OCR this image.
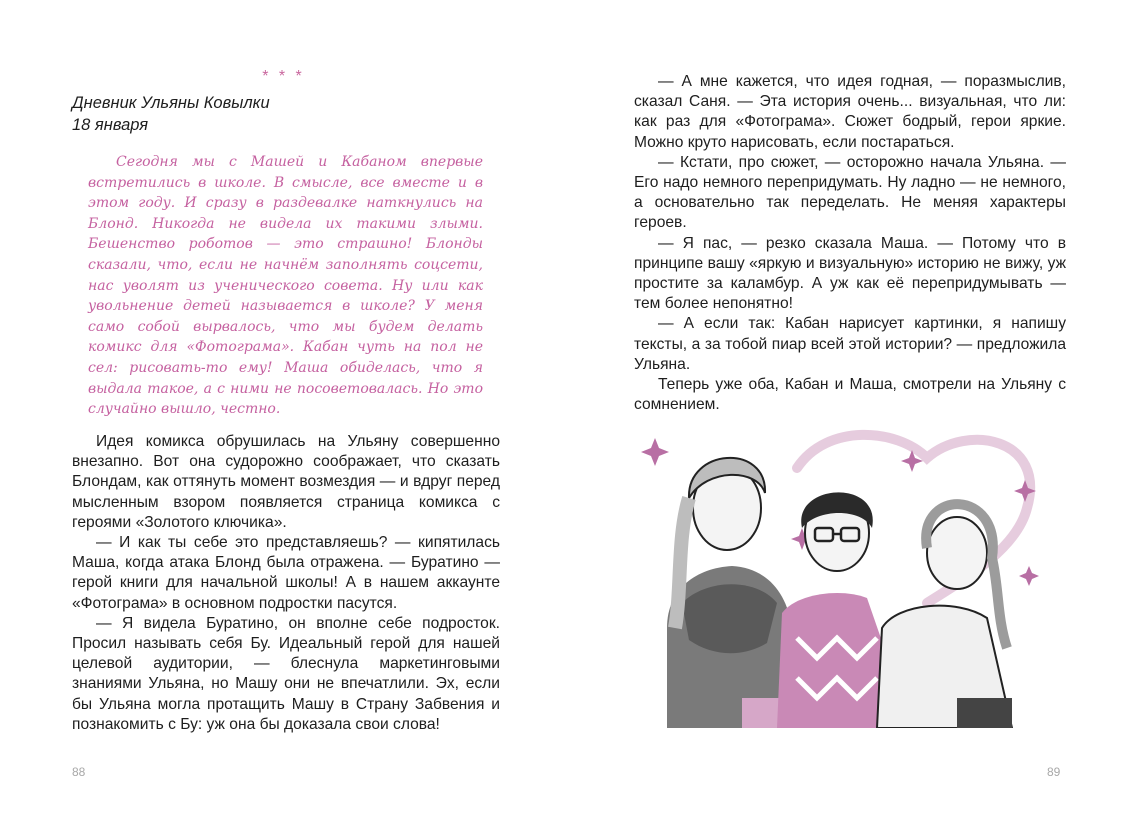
* * *
Дневник Ульяны Ковылки
18 января

Сегодня мы с Машей и Кабаном впервые встретились в школе. В смысле, все вместе и в этом году. И сразу в раздевалке наткнулись на Блонд. Никогда не видела их такими злыми. Бешенство роботов — это страшно! Блонды сказали, что, если не начнём заполнять соцсети, нас уволят из ученического совета. Ну или как увольнение детей называется в школе? У меня само собой вырвалось, что мы будем делать комикс для «Фотограма». Кабан чуть на пол не сел: рисовать-то ему! Маша обиделась, что я выдала такое, а с ними не посоветовалась. Но это случайно вышло, честно.

Идея комикса обрушилась на Ульяну совершенно внезапно. Вот она судорожно соображает, что сказать Блондам, как оттянуть момент возмездия — и вдруг перед мысленным взором появляется страница комикса с героями «Золотого ключика».

— И как ты себе это представляешь? — кипятилась Маша, когда атака Блонд была отражена. — Буратино — герой книги для начальной школы! А в нашем аккаунте «Фотограма» в основном подростки пасутся.

— Я видела Буратино, он вполне себе подросток. Просил называть себя Бу. Идеальный герой для нашей целевой аудитории, — блеснула маркетинговыми знаниями Ульяна, но Машу они не впечатлили. Эх, если бы Ульяна могла протащить Машу в Страну Забвения и познакомить с Бу: уж она бы доказала свои слова!

88

— А мне кажется, что идея годная, — поразмыслив, сказал Саня. — Эта история очень... визуальная, что ли: как раз для «Фотограма». Сюжет бодрый, герои яркие. Можно круто нарисовать, если постараться.

— Кстати, про сюжет, — осторожно начала Ульяна. — Его надо немного перепридумать. Ну ладно — не немного, а основательно так переделать. Не меняя характеры героев.

— Я пас, — резко сказала Маша. — Потому что в принципе вашу «яркую и визуальную» историю не вижу, уж простите за каламбур. А уж как её перепридумывать — тем более непонятно!

— А если так: Кабан нарисует картинки, я напишу тексты, а за тобой пиар всей этой истории? — предложила Ульяна.

Теперь уже оба, Кабан и Маша, смотрели на Ульяну с сомнением.

89
